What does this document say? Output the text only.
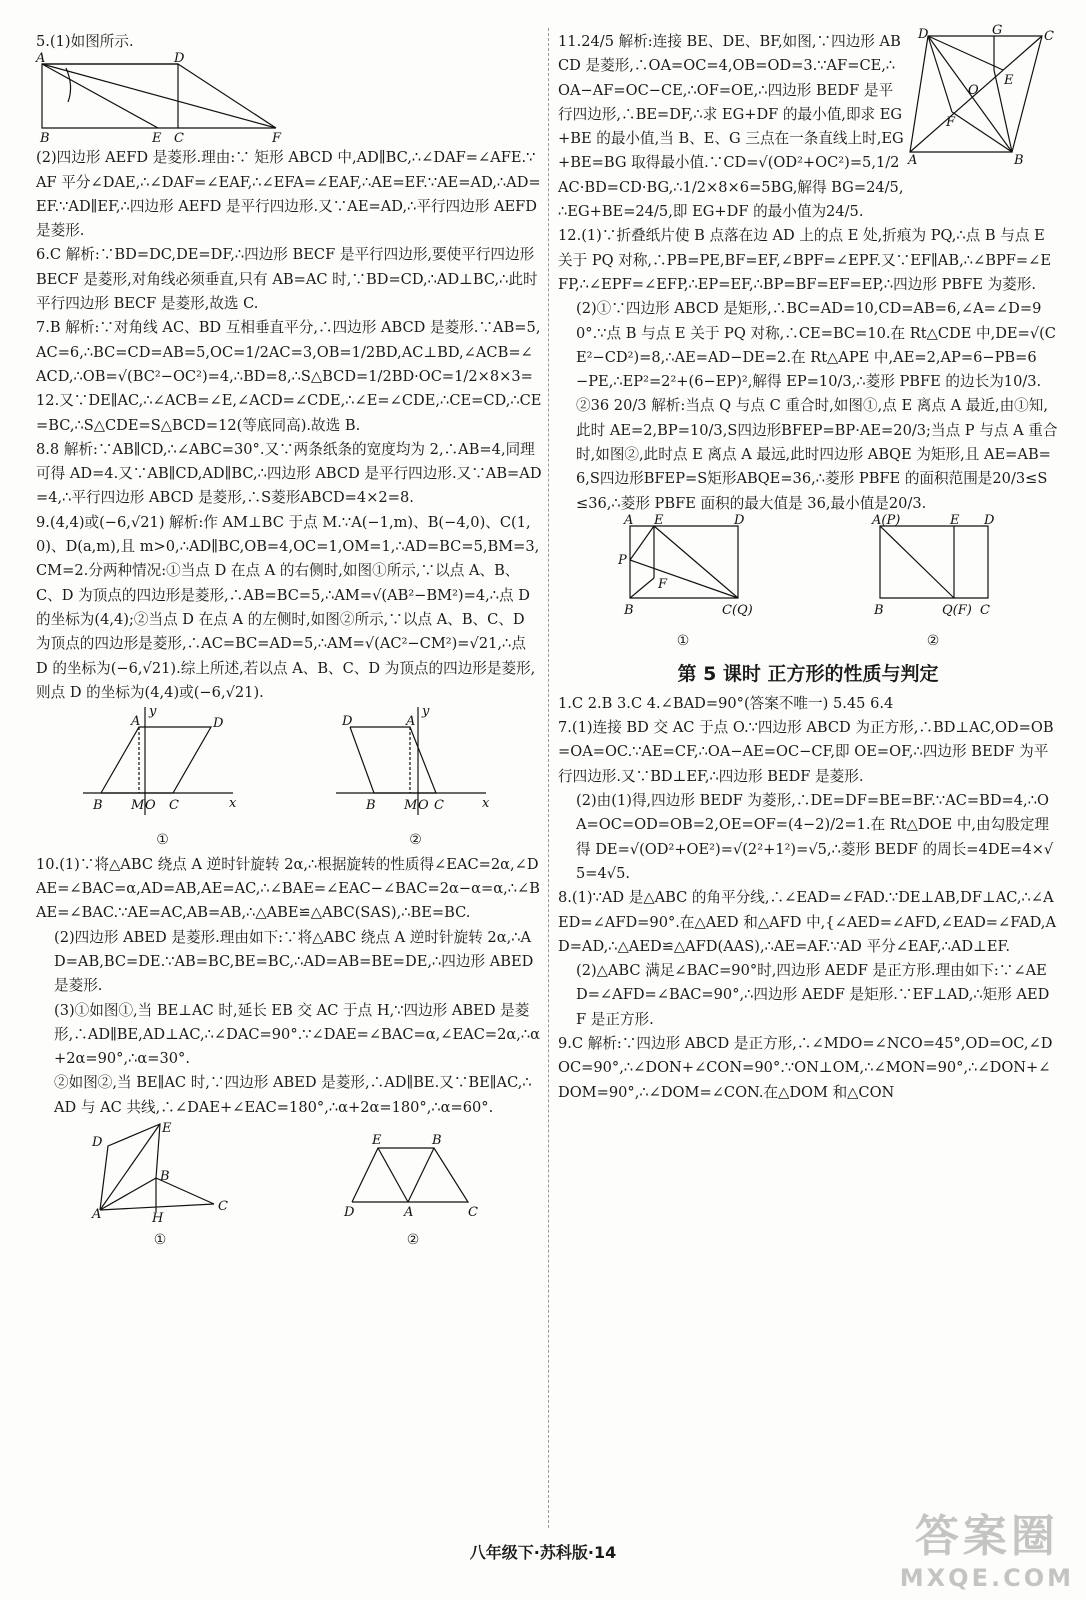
5.(1)如图所示.

A	D
B	E C	F

(2)四边形 AEFD 是菱形.理由:∵ 矩形 ABCD 中,AD∥BC,∴∠DAF=∠AFE.∵AF 平分∠DAE,∴∠DAF=∠EAF,∴∠EFA=∠EAF,∴AE=EF.∵AE=AD,∴AD=EF.∵AD∥EF,∴四边形 AEFD 是平行四边形.又∵AE=AD,∴平行四边形 AEFD 是菱形.

6.C 解析:∵BD=DC,DE=DF,∴四边形 BECF 是平行四边形,要使平行四边形 BECF 是菱形,对角线必须垂直,只有 AB=AC 时,∵BD=CD,∴AD⊥BC,∴此时平行四边形 BECF 是菱形,故选 C.

7.B 解析:∵对角线 AC、BD 互相垂直平分,∴四边形 ABCD 是菱形.∵AB=5,AC=6,∴BC=CD=AB=5,OC=1/2AC=3,OB=1/2BD,AC⊥BD,∠ACB=∠ACD,∴OB=√(BC²−OC²)=4,∴BD=8,∴S△BCD=1/2BD·OC=1/2×8×3=12.又∵DE∥AC,∴∠ACB=∠E,∠ACD=∠CDE,∴∠E=∠CDE,∴CE=CD,∴CE=BC,∴S△CDE=S△BCD=12(等底同高).故选 B.

8.8 解析:∵AB∥CD,∴∠ABC=30°.又∵两条纸条的宽度均为 2,∴AB=4,同理可得 AD=4.又∵AB∥CD,AD∥BC,∴四边形 ABCD 是平行四边形.又∵AB=AD=4,∴平行四边形 ABCD 是菱形,∴S菱形ABCD=4×2=8.

9.(4,4)或(−6,√21) 解析:作 AM⊥BC 于点 M.∵A(−1,m)、B(−4,0)、C(1,0)、D(a,m),且 m>0,∴AD∥BC,OB=4,OC=1,OM=1,∴AD=BC=5,BM=3,CM=2.分两种情况:①当点 D 在点 A 的右侧时,如图①所示,∵以点 A、B、C、D 为顶点的四边形是菱形,∴AB=BC=5,∴AM=√(AB²−BM²)=4,∴点 D 的坐标为(4,4);②当点 D 在点 A 的左侧时,如图②所示,∵以点 A、B、C、D 为顶点的四边形是菱形,∴AC=BC=AD=5,∴AM=√(AC²−CM²)=√21,∴点 D 的坐标为(−6,√21).综上所述,若以点 A、B、C、D 为顶点的四边形是菱形,则点 D 的坐标为(4,4)或(−6,√21).

A	D
B M O C
y
x
①
D	A
B M O C
y
x
②

10.(1)∵将△ABC 绕点 A 逆时针旋转 2α,∴根据旋转的性质得∠EAC=2α,∠DAE=∠BAC=α,AD=AB,AE=AC,∴∠BAE=∠EAC−∠BAC=2α−α=α,∴∠BAE=∠BAC.∵AE=AC,AB=AB,∴△ABE≌△ABC(SAS),∴BE=BC.

(2)四边形 ABED 是菱形.理由如下:∵将△ABC 绕点 A 逆时针旋转 2α,∴AD=AB,BC=DE.∵AB=BC,BE=BC,∴AD=AB=BE=DE,∴四边形 ABED 是菱形.

(3)①如图①,当 BE⊥AC 时,延长 EB 交 AC 于点 H,∵四边形 ABED 是菱形,∴AD∥BE,AD⊥AC,∴∠DAC=90°.∵∠DAE=∠BAC=α,∠EAC=2α,∴α+2α=90°,∴α=30°.

②如图②,当 BE∥AC 时,∵四边形 ABED 是菱形,∴AD∥BE.又∵BE∥AC,∴AD 与 AC 共线,∴∠DAE+∠EAC=180°,∴α+2α=180°,∴α=60°.

D
E
B
A	H
C
①
E	B
D	A	C
②

11.24/5 解析:连接 BE、DE、BF,如图,∵四边形 ABCD 是菱形,∴OA=OC=4,OB=OD=3.∵AF=CE,∴OA−AF=OC−CE,∴OF=OE,∴四边形 BEDF 是平行四边形,∴BE=DF,∴求 EG+DF 的最小值,即求 EG+BE 的最小值,当 B、E、G 三点在一条直线上时,EG+BE=BG 取得最小值.∵CD=√(OD²+OC²)=5,1/2AC·BD=CD·BG,∴1/2×8×6=5BG,解得 BG=24/5,∴EG+BE=24/5,即 EG+DF 的最小值为24/5.

D	G	C
E
O
F
A	B

12.(1)∵折叠纸片使 B 点落在边 AD 上的点 E 处,折痕为 PQ,∴点 B 与点 E 关于 PQ 对称,∴PB=PE,BF=EF,∠BPF=∠EPF.又∵EF∥AB,∴∠BPF=∠EFP,∴∠EPF=∠EFP,∴EP=EF,∴BP=BF=EF=EP,∴四边形 PBFE 为菱形.

(2)①∵四边形 ABCD 是矩形,∴BC=AD=10,CD=AB=6,∠A=∠D=90°.∵点 B 与点 E 关于 PQ 对称,∴CE=BC=10.在 Rt△CDE 中,DE=√(CE²−CD²)=8,∴AE=AD−DE=2.在 Rt△APE 中,AE=2,AP=6−PB=6−PE,∴EP²=2²+(6−EP)²,解得 EP=10/3,∴菱形 PBFE 的边长为10/3.

②36 20/3 解析:当点 Q 与点 C 重合时,如图①,点 E 离点 A 最近,由①知,此时 AE=2,BP=10/3,S四边形BFEP=BP·AE=20/3;当点 P 与点 A 重合时,如图②,此时点 E 离点 A 最远,此时四边形 ABQE 为矩形,且 AE=AB=6,S四边形BFEP=S矩形ABQE=36,∴菱形 PBFE 的面积范围是20/3≤S≤36,∴菱形 PBFE 面积的最大值是 36,最小值是20/3.

A E	D
P
F
B	C(Q)
①
A(P)	E D
B	Q(F) C
②
第 5 课时 正方形的性质与判定

1.C 2.B 3.C 4.∠BAD=90°(答案不唯一) 5.45 6.4

7.(1)连接 BD 交 AC 于点 O.∵四边形 ABCD 为正方形,∴BD⊥AC,OD=OB=OA=OC.∵AE=CF,∴OA−AE=OC−CF,即 OE=OF,∴四边形 BEDF 为平行四边形.又∵BD⊥EF,∴四边形 BEDF 是菱形.

(2)由(1)得,四边形 BEDF 为菱形,∴DE=DF=BE=BF.∵AC=BD=4,∴OA=OC=OD=OB=2,OE=OF=(4−2)/2=1.在 Rt△DOE 中,由勾股定理得 DE=√(OD²+OE²)=√(2²+1²)=√5,∴菱形 BEDF 的周长=4DE=4×√5=4√5.

8.(1)∵AD 是△ABC 的角平分线,∴∠EAD=∠FAD.∵DE⊥AB,DF⊥AC,∴∠AED=∠AFD=90°.在△AED 和△AFD 中,{∠AED=∠AFD,∠EAD=∠FAD,AD=AD,∴△AED≌△AFD(AAS),∴AE=AF.∵AD 平分∠EAF,∴AD⊥EF.

(2)△ABC 满足∠BAC=90°时,四边形 AEDF 是正方形.理由如下:∵∠AED=∠AFD=∠BAC=90°,∴四边形 AEDF 是矩形.∵EF⊥AD,∴矩形 AEDF 是正方形.

9.C 解析:∵四边形 ABCD 是正方形,∴∠MDO=∠NCO=45°,OD=OC,∠DOC=90°,∴∠DON+∠CON=90°.∵ON⊥OM,∴∠MON=90°,∴∠DON+∠DOM=90°,∴∠DOM=∠CON.在△DOM 和△CON

八年级下·苏科版·14	答案圈
MXQE.COM
